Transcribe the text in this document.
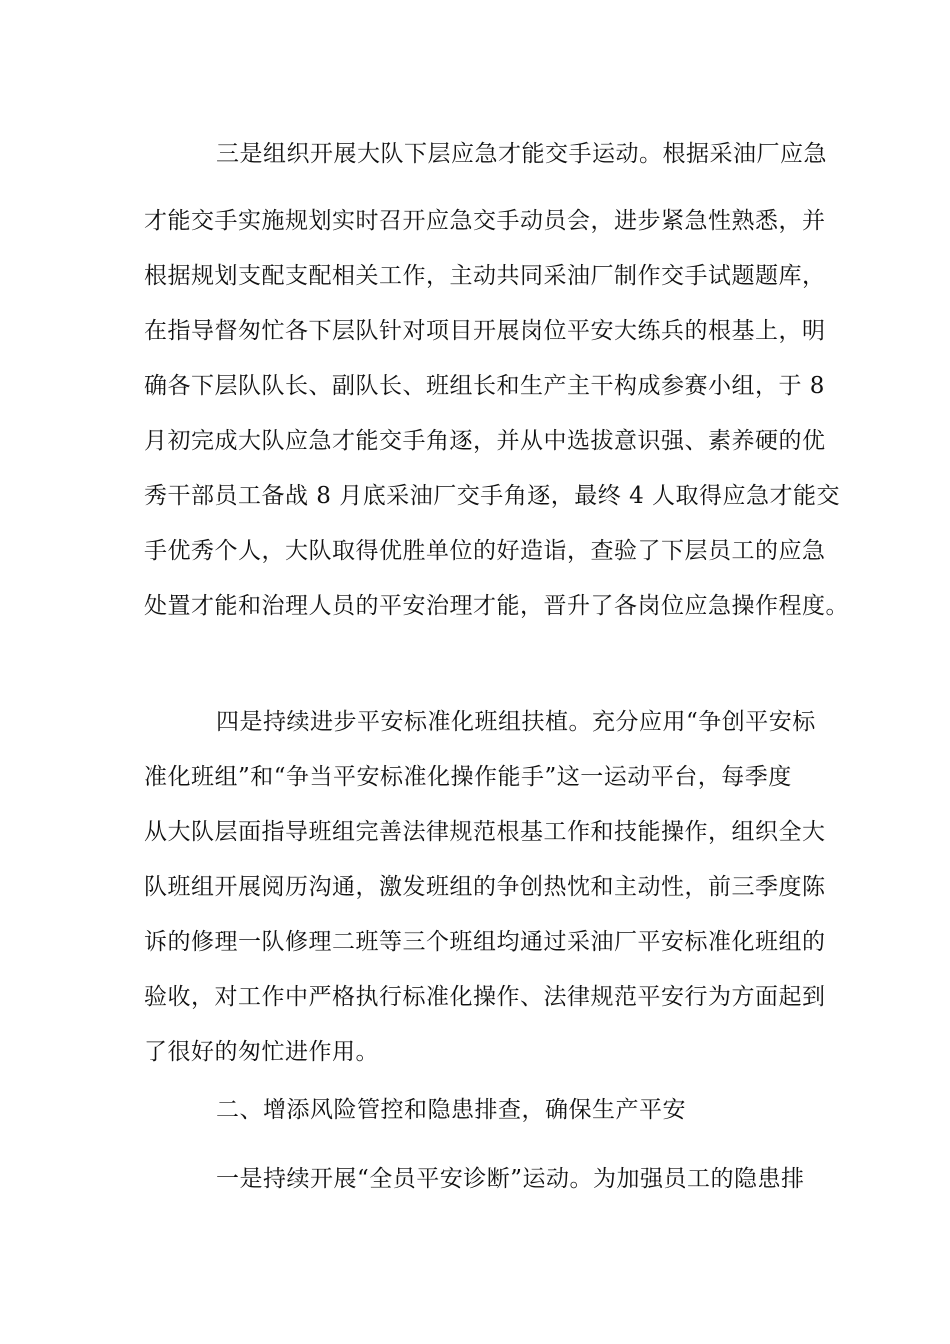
三是组织开展大队下层应急才能交手运动。根据采油厂应急
才能交手实施规划实时召开应急交手动员会，进步紧急性熟悉，并
根据规划支配支配相关工作，主动共同采油厂制作交手试题题库，
在指导督匆忙各下层队针对项目开展岗位平安大练兵的根基上，明
确各下层队队长、副队长、班组长和生产主干构成参赛小组，于 8
月初完成大队应急才能交手角逐，并从中选拔意识强、素养硬的优
秀干部员工备战 8 月底采油厂交手角逐，最终 4 人取得应急才能交
手优秀个人，大队取得优胜单位的好造诣，查验了下层员工的应急
处置才能和治理人员的平安治理才能，晋升了各岗位应急操作程度。
四是持续进步平安标准化班组扶植。充分应用“争创平安标
准化班组”和“争当平安标准化操作能手”这一运动平台，每季度
从大队层面指导班组完善法律规范根基工作和技能操作，组织全大
队班组开展阅历沟通，激发班组的争创热忱和主动性，前三季度陈
诉的修理一队修理二班等三个班组均通过采油厂平安标准化班组的
验收，对工作中严格执行标准化操作、法律规范平安行为方面起到
了很好的匆忙进作用。
二、增添风险管控和隐患排查，确保生产平安
一是持续开展“全员平安诊断”运动。为加强员工的隐患排
